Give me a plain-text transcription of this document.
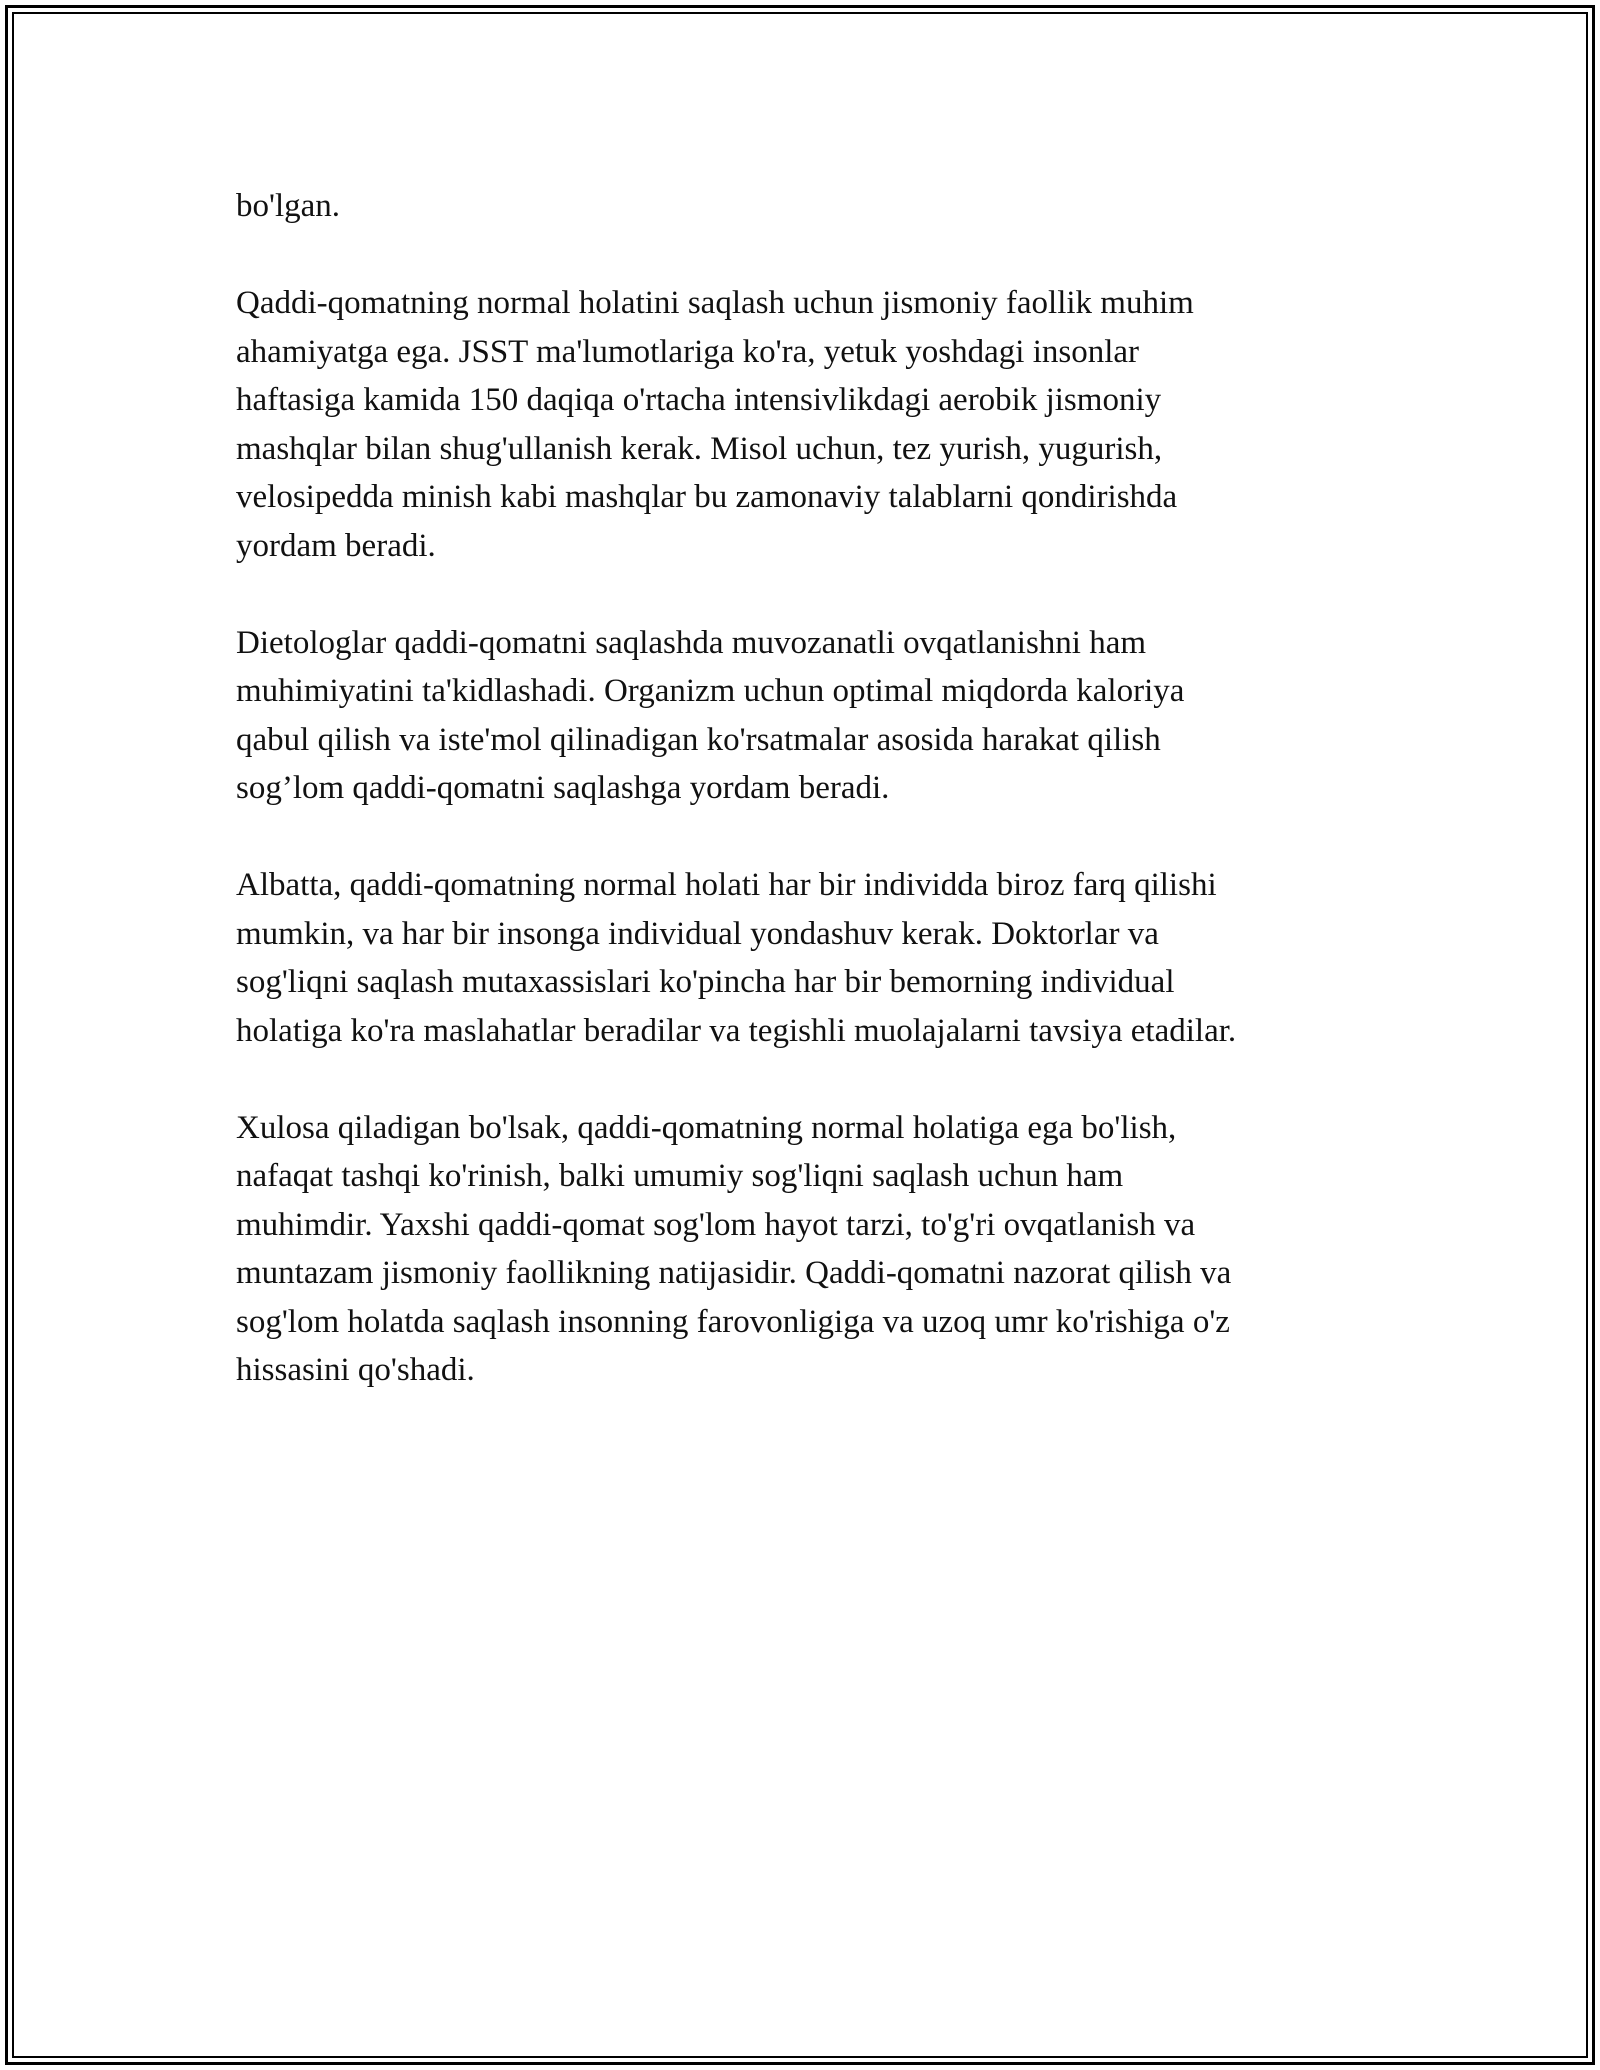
bo'lgan.

Qaddi-qomatning normal holatini saqlash uchun jismoniy faollik muhim
ahamiyatga ega. JSST ma'lumotlariga ko'ra, yetuk yoshdagi insonlar
haftasiga kamida 150 daqiqa o'rtacha intensivlikdagi aerobik jismoniy
mashqlar bilan shug'ullanish kerak. Misol uchun, tez yurish, yugurish,
velosipedda minish kabi mashqlar bu zamonaviy talablarni qondirishda
yordam beradi.

Dietologlar qaddi-qomatni saqlashda muvozanatli ovqatlanishni ham
muhimiyatini ta'kidlashadi. Organizm uchun optimal miqdorda kaloriya
qabul qilish va iste'mol qilinadigan ko'rsatmalar asosida harakat qilish
sog’lom qaddi-qomatni saqlashga yordam beradi.

Albatta, qaddi-qomatning normal holati har bir individda biroz farq qilishi
mumkin, va har bir insonga individual yondashuv kerak. Doktorlar va
sog'liqni saqlash mutaxassislari ko'pincha har bir bemorning individual
holatiga ko'ra maslahatlar beradilar va tegishli muolajalarni tavsiya etadilar.

Xulosa qiladigan bo'lsak, qaddi-qomatning normal holatiga ega bo'lish,
nafaqat tashqi ko'rinish, balki umumiy sog'liqni saqlash uchun ham
muhimdir. Yaxshi qaddi-qomat sog'lom hayot tarzi, to'g'ri ovqatlanish va
muntazam jismoniy faollikning natijasidir. Qaddi-qomatni nazorat qilish va
sog'lom holatda saqlash insonning farovonligiga va uzoq umr ko'rishiga o'z
hissasini qo'shadi.
